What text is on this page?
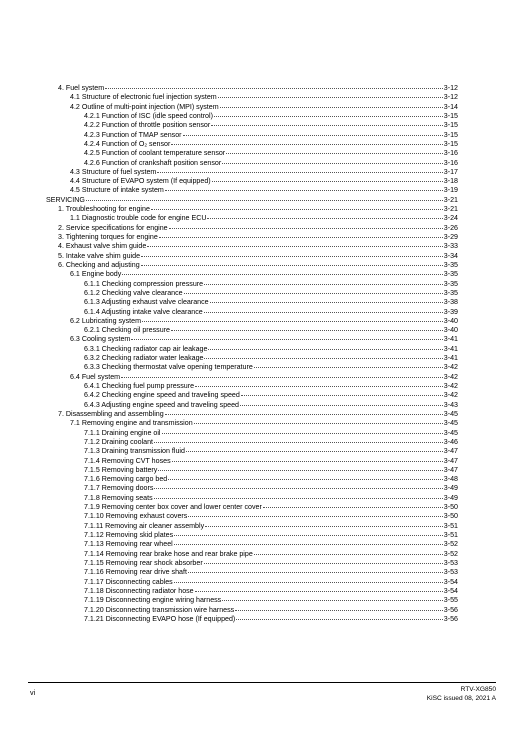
4. Fuel system	3-12
4.1 Structure of electronic fuel injection system	3-12
4.2 Outline of multi-point injection (MPI) system	3-14
4.2.1 Function of ISC (idle speed control)	3-15
4.2.2 Function of throttle position sensor	3-15
4.2.3 Function of TMAP sensor	3-15
4.2.4 Function of O₂ sensor	3-15
4.2.5 Function of coolant temperature sensor	3-16
4.2.6 Function of crankshaft position sensor	3-16
4.3 Structure of fuel system	3-17
4.4 Structure of EVAPO system (If equipped)	3-18
4.5 Structure of intake system	3-19
SERVICING	3-21
1. Troubleshooting for engine	3-21
1.1 Diagnostic trouble code for engine ECU	3-24
2. Service specifications for engine	3-26
3. Tightening torques for engine	3-29
4. Exhaust valve shim guide	3-33
5. Intake valve shim guide	3-34
6. Checking and adjusting	3-35
6.1 Engine body	3-35
6.1.1 Checking compression pressure	3-35
6.1.2 Checking valve clearance	3-35
6.1.3 Adjusting exhaust valve clearance	3-38
6.1.4 Adjusting intake valve clearance	3-39
6.2 Lubricating system	3-40
6.2.1 Checking oil pressure	3-40
6.3 Cooling system	3-41
6.3.1 Checking radiator cap air leakage	3-41
6.3.2 Checking radiator water leakage	3-41
6.3.3 Checking thermostat valve opening temperature	3-42
6.4 Fuel system	3-42
6.4.1 Checking fuel pump pressure	3-42
6.4.2 Checking engine speed and traveling speed	3-42
6.4.3 Adjusting engine speed and traveling speed	3-43
7. Disassembling and assembling	3-45
7.1 Removing engine and transmission	3-45
7.1.1 Draining engine oil	3-45
7.1.2 Draining coolant	3-46
7.1.3 Draining transmission fluid	3-47
7.1.4 Removing CVT hoses	3-47
7.1.5 Removing battery	3-47
7.1.6 Removing cargo bed	3-48
7.1.7 Removing doors	3-49
7.1.8 Removing seats	3-49
7.1.9 Removing center box cover and lower center cover	3-50
7.1.10 Removing exhaust covers	3-50
7.1.11 Removing air cleaner assembly	3-51
7.1.12 Removing skid plates	3-51
7.1.13 Removing rear wheel	3-52
7.1.14 Removing rear brake hose and rear brake pipe	3-52
7.1.15 Removing rear shock absorber	3-53
7.1.16 Removing rear drive shaft	3-53
7.1.17 Disconnecting cables	3-54
7.1.18 Disconnecting radiator hose	3-54
7.1.19 Disconnecting engine wiring harness	3-55
7.1.20 Disconnecting transmission wire harness	3-56
7.1.21 Disconnecting EVAPO hose (If equipped)	3-56
vi	RTV-XG850
KiSC issued 08, 2021 A
